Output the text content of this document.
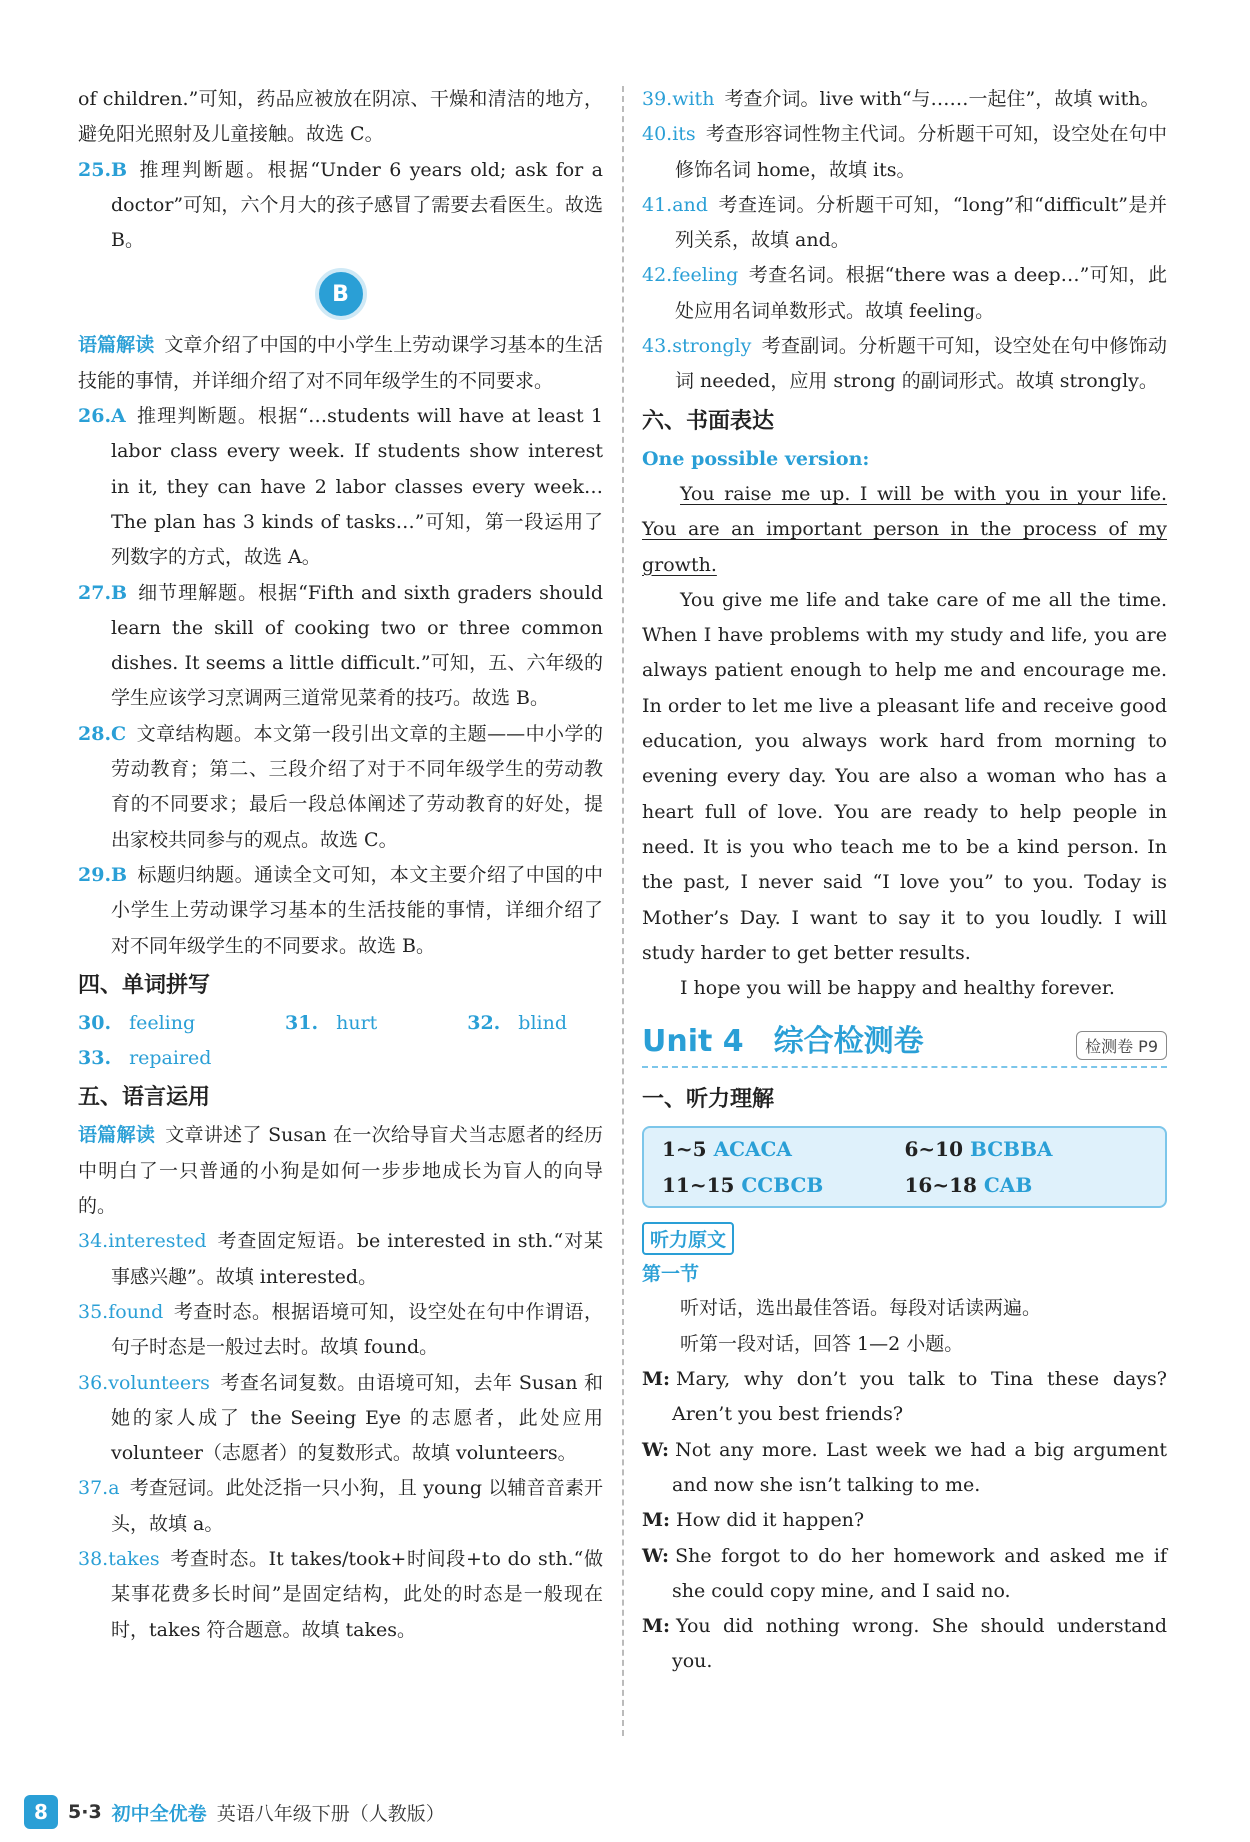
of children.”可知，药品应被放在阴凉、干燥和清洁的地方，避免阳光照射及儿童接触。故选 C。

25.B 推理判断题。根据“Under 6 years old; ask for a doctor”可知，六个月大的孩子感冒了需要去看医生。故选 B。

B

语篇解读 文章介绍了中国的中小学生上劳动课学习基本的生活技能的事情，并详细介绍了对不同年级学生的不同要求。

26.A 推理判断题。根据“…students will have at least 1 labor class every week. If students show interest in it, they can have 2 labor classes every week…The plan has 3 kinds of tasks…”可知，第一段运用了列数字的方式，故选 A。

27.B 细节理解题。根据“Fifth and sixth graders should learn the skill of cooking two or three common dishes. It seems a little difficult.”可知，五、六年级的学生应该学习烹调两三道常见菜肴的技巧。故选 B。

28.C 文章结构题。本文第一段引出文章的主题——中小学的劳动教育；第二、三段介绍了对于不同年级学生的劳动教育的不同要求；最后一段总体阐述了劳动教育的好处，提出家校共同参与的观点。故选 C。

29.B 标题归纳题。通读全文可知，本文主要介绍了中国的中小学生上劳动课学习基本的生活技能的事情，详细介绍了对不同年级学生的不同要求。故选 B。

四、单词拼写

30. feeling	31. hurt	32. blind 33. repaired

五、语言运用

语篇解读 文章讲述了 Susan 在一次给导盲犬当志愿者的经历中明白了一只普通的小狗是如何一步步地成长为盲人的向导的。

34.interested 考查固定短语。be interested in sth.“对某事感兴趣”。故填 interested。

35.found 考查时态。根据语境可知，设空处在句中作谓语，句子时态是一般过去时。故填 found。

36.volunteers 考查名词复数。由语境可知，去年 Susan 和她的家人成了 the Seeing Eye 的志愿者，此处应用 volunteer（志愿者）的复数形式。故填 volunteers。

37.a 考查冠词。此处泛指一只小狗，且 young 以辅音音素开头，故填 a。

38.takes 考查时态。It takes/took+时间段+to do sth.“做某事花费多长时间”是固定结构，此处的时态是一般现在时，takes 符合题意。故填 takes。

39.with 考查介词。live with“与……一起住”，故填 with。

40.its 考查形容词性物主代词。分析题干可知，设空处在句中修饰名词 home，故填 its。

41.and 考查连词。分析题干可知，“long”和“difficult”是并列关系，故填 and。

42.feeling 考查名词。根据“there was a deep…”可知，此处应用名词单数形式。故填 feeling。

43.strongly 考查副词。分析题干可知，设空处在句中修饰动词 needed，应用 strong 的副词形式。故填 strongly。

六、书面表达

One possible version:

You raise me up. I will be with you in your life. You are an important person in the process of my growth.

You give me life and take care of me all the time. When I have problems with my study and life, you are always patient enough to help me and encourage me. In order to let me live a pleasant life and receive good education, you always work hard from morning to evening every day. You are also a woman who has a heart full of love. You are ready to help people in need. It is you who teach me to be a kind person. In the past, I never said “I love you” to you. Today is Mother’s Day. I want to say it to you loudly. I will study harder to get better results.

I hope you will be happy and healthy forever.

Unit 4　综合检测卷	检测卷 P9

一、听力理解

1~5 ACACA	6~10 BCBBA
11~15 CCBCB	16~18 CAB
听力原文

第一节

听对话，选出最佳答语。每段对话读两遍。

听第一段对话，回答 1—2 小题。

M: Mary, why don’t you talk to Tina these days? Aren’t you best friends?

W: Not any more. Last week we had a big argument and now she isn’t talking to me.

M: How did it happen?

W: She forgot to do her homework and asked me if she could copy mine, and I said no.

M: You did nothing wrong. She should understand you.

8	5·3 初中全优卷 英语八年级下册（人教版）
